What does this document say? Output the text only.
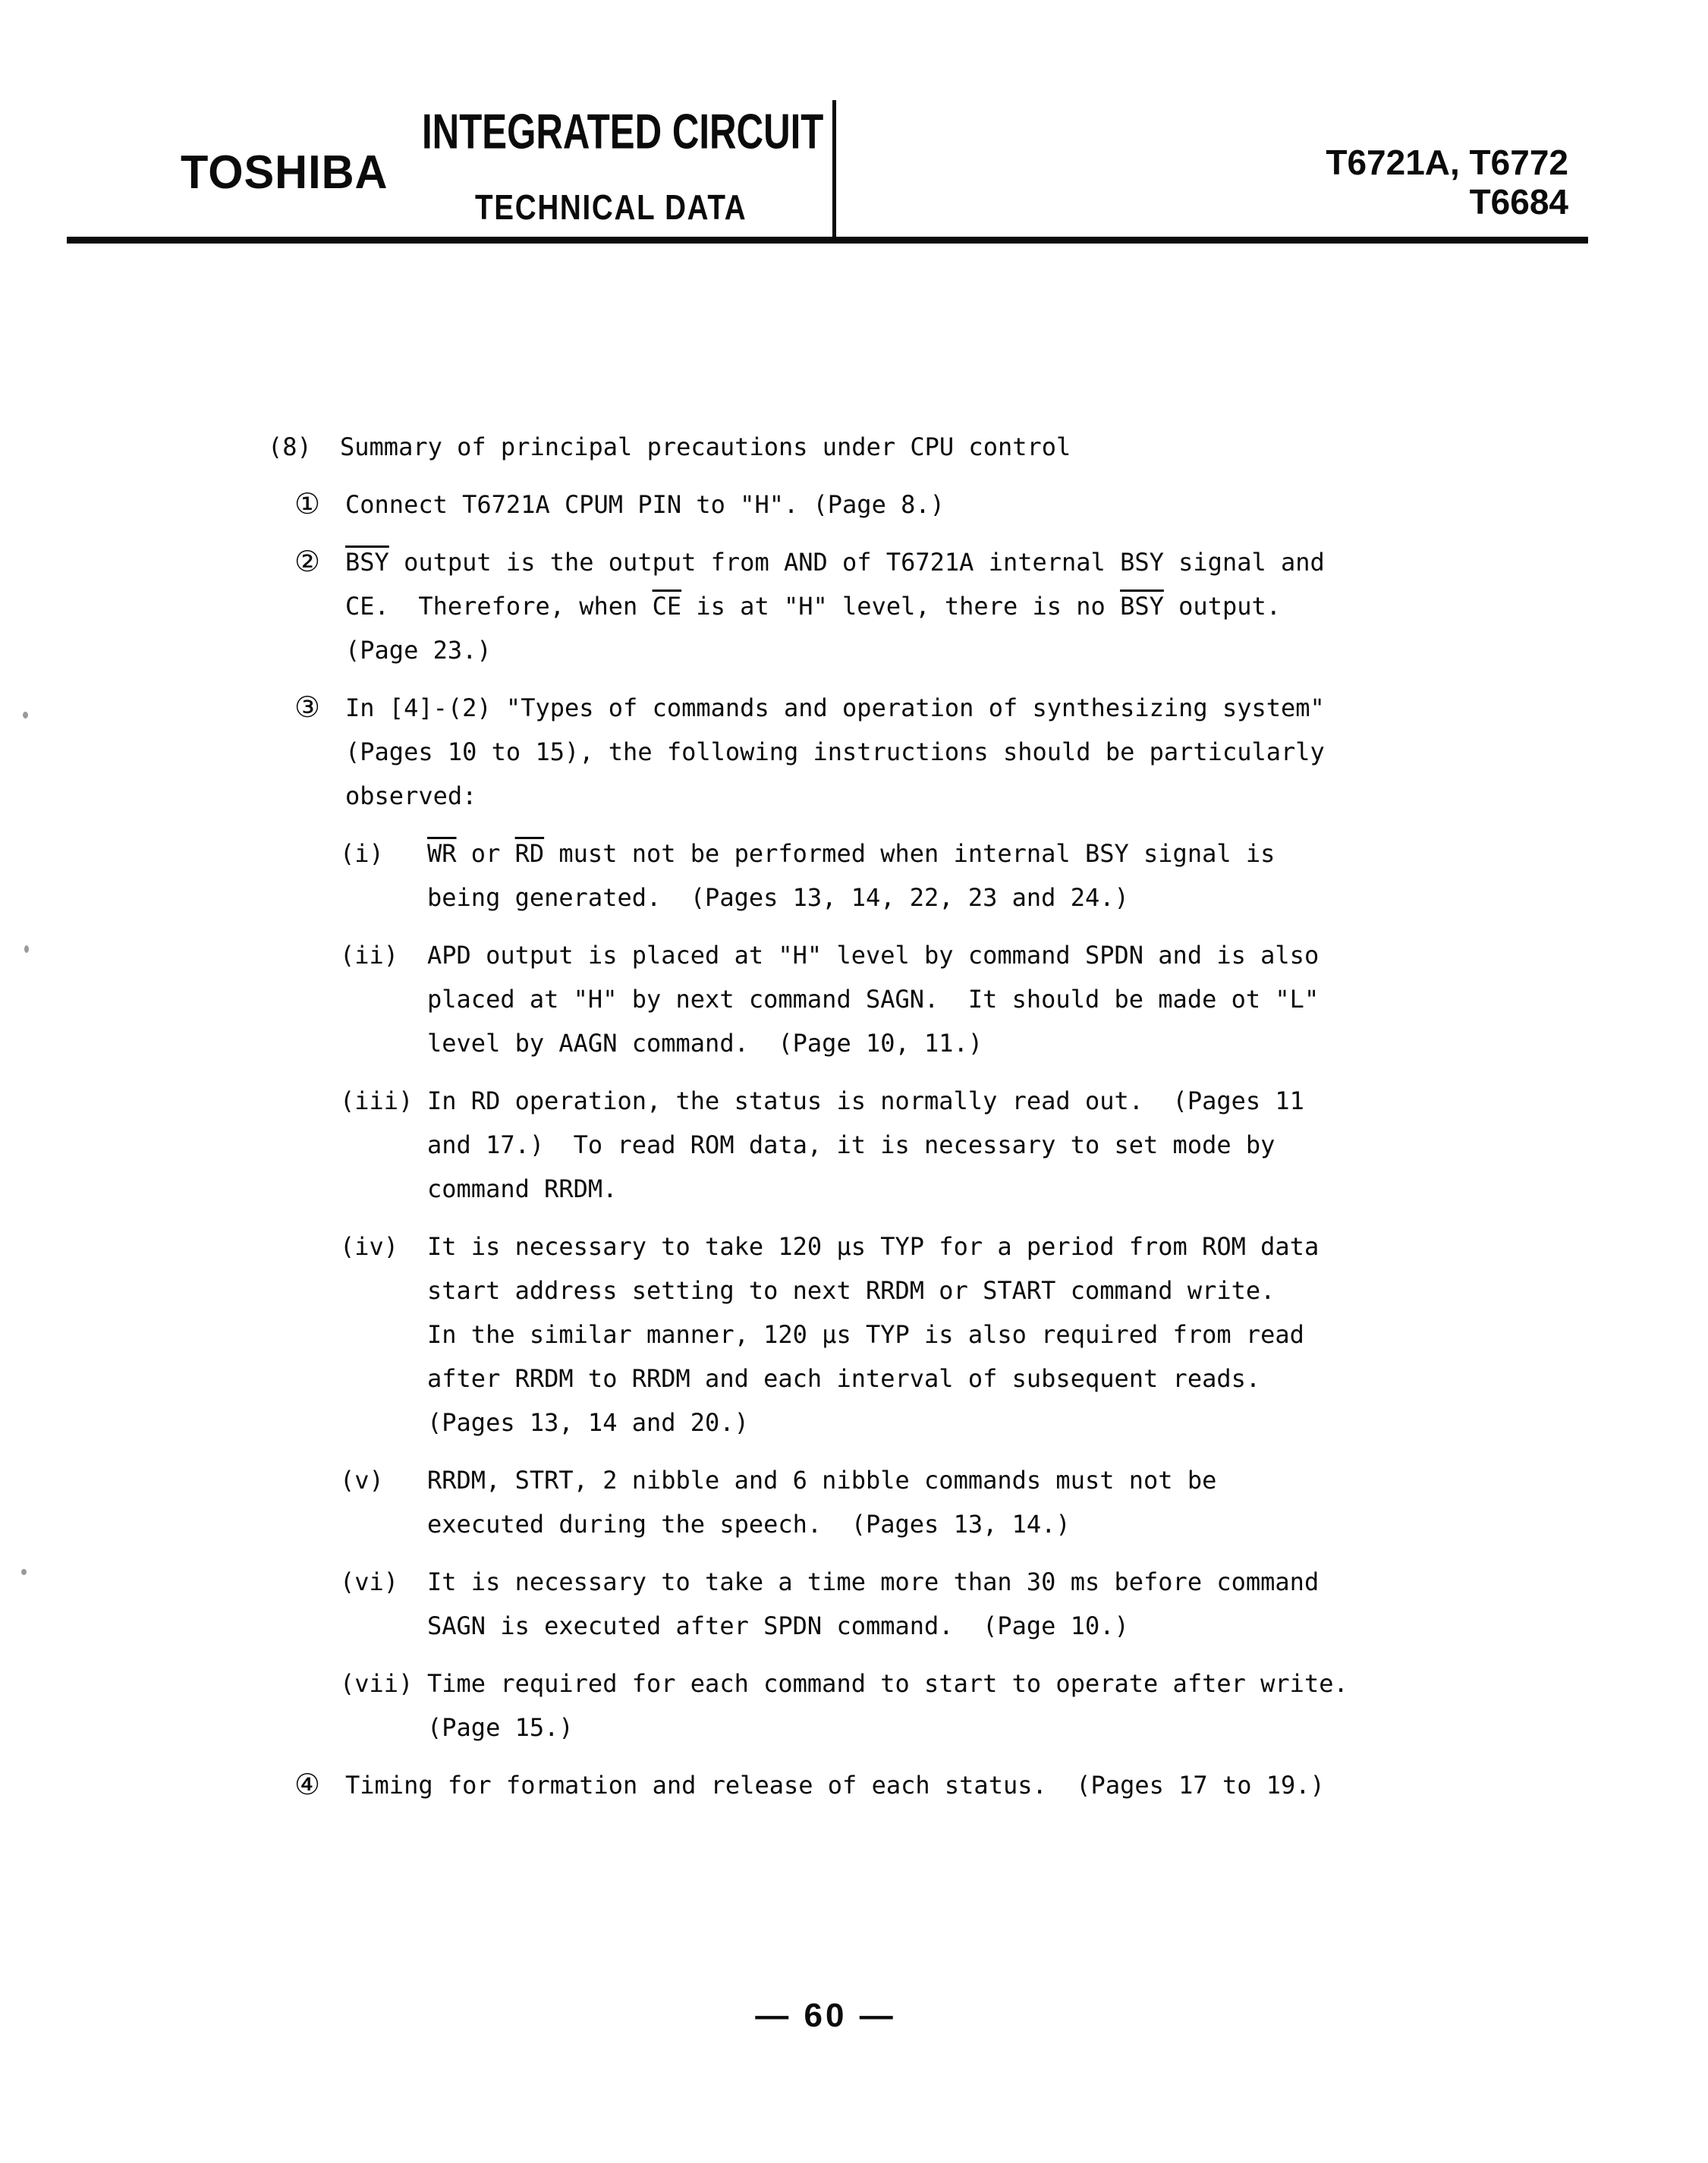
TOSHIBA
INTEGRATED CIRCUIT
TECHNICAL DATA
T6721A, T6772
T6684
(8) Summary of principal precautions under CPU control
① Connect T6721A CPUM PIN to "H". (Page 8.)
② $\overline{BSY}$ output is the output from AND of T6721A internal BSY signal and
CE.  Therefore, when $\overline{CE}$ is at "H" level, there is no $\overline{BSY}$ output.
(Page 23.)
③ In [4]-(2) "Types of commands and operation of synthesizing system"
(Pages 10 to 15), the following instructions should be particularly
observed:
(i) $\overline{WR}$ or $\overline{RD}$ must not be performed when internal BSY signal is
being generated.  (Pages 13, 14, 22, 23 and 24.)
(ii) APD output is placed at "H" level by command SPDN and is also
placed at "H" by next command SAGN.  It should be made ot "L"
level by AAGN command.  (Page 10, 11.)
(iii) In RD operation, the status is normally read out.  (Pages 11
and 17.)  To read ROM data, it is necessary to set mode by
command RRDM.
(iv) It is necessary to take 120 μs TYP for a period from ROM data
start address setting to next RRDM or START command write.
In the similar manner, 120 μs TYP is also required from read
after RRDM to RRDM and each interval of subsequent reads.
(Pages 13, 14 and 20.)
(v) RRDM, STRT, 2 nibble and 6 nibble commands must not be
executed during the speech.  (Pages 13, 14.)
(vi) It is necessary to take a time more than 30 ms before command
SAGN is executed after SPDN command.  (Page 10.)
(vii) Time required for each command to start to operate after write.
(Page 15.)
④ Timing for formation and release of each status.  (Pages 17 to 19.)
— 60 —
